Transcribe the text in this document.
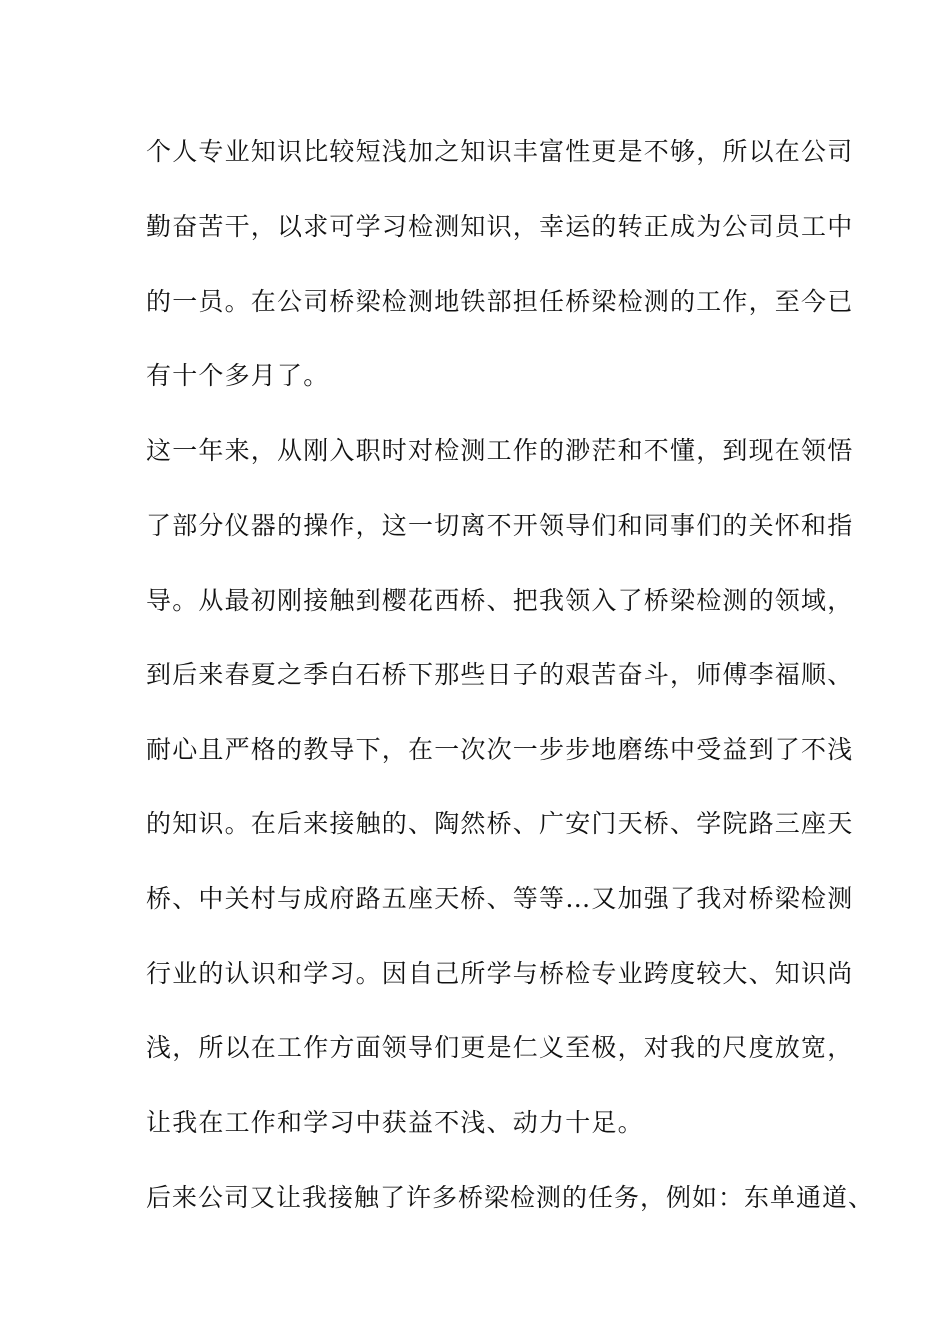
个人专业知识比较短浅加之知识丰富性更是不够，所以在公司
勤奋苦干，以求可学习检测知识，幸运的转正成为公司员工中
的一员。在公司桥梁检测地铁部担任桥梁检测的工作，至今已
有十个多月了。
这一年来，从刚入职时对检测工作的渺茫和不懂，到现在领悟
了部分仪器的操作，这一切离不开领导们和同事们的关怀和指
导。从最初刚接触到樱花西桥、把我领入了桥梁检测的领域，
到后来春夏之季白石桥下那些日子的艰苦奋斗，师傅李福顺、
耐心且严格的教导下，在一次次一步步地磨练中受益到了不浅
的知识。在后来接触的、陶然桥、广安门天桥、学院路三座天
桥、中关村与成府路五座天桥、等等…又加强了我对桥梁检测
行业的认识和学习。因自己所学与桥检专业跨度较大、知识尚
浅，所以在工作方面领导们更是仁义至极，对我的尺度放宽，
让我在工作和学习中获益不浅、动力十足。
后来公司又让我接触了许多桥梁检测的任务，例如：东单通道、
